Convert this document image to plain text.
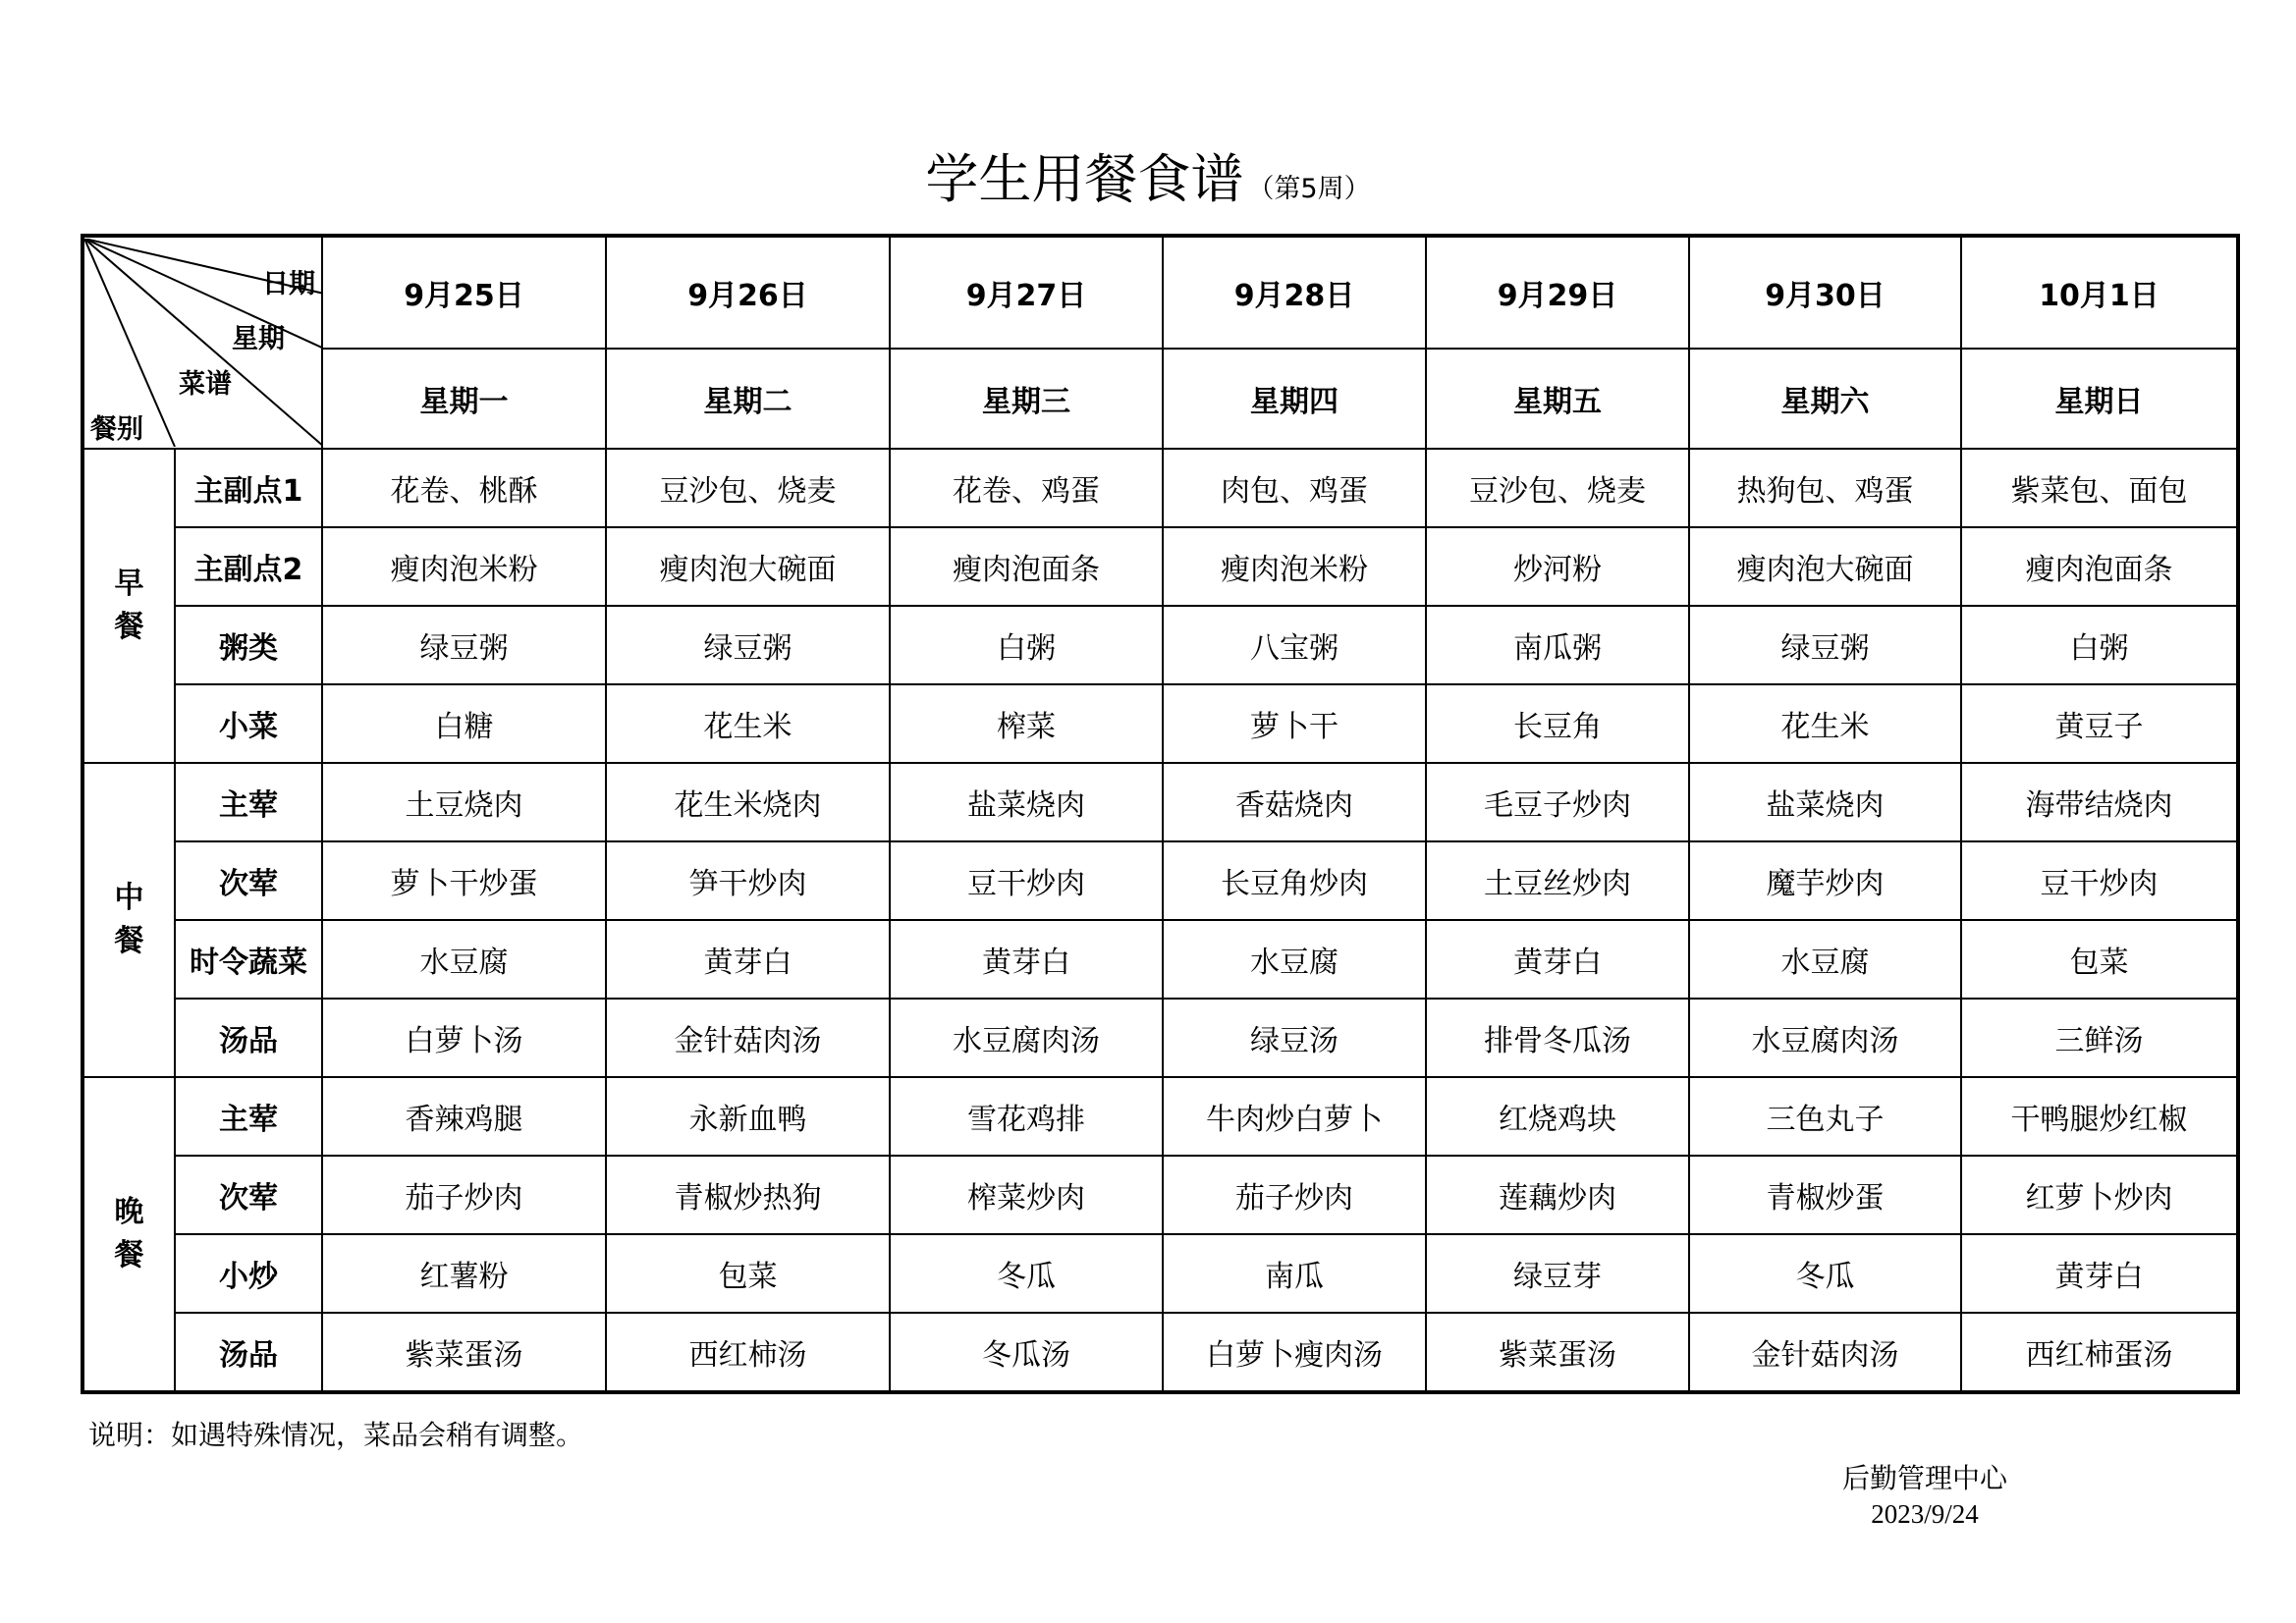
学生用餐食谱 （第5周）
日期
星期
菜谱
餐别		9月25日	9月26日	9月27日	9月28日	9月29日	9月30日	10月1日
		星期一	星期二	星期三	星期四	星期五	星期六	星期日

早
餐	主副点1	花卷、桃酥	豆沙包、烧麦	花卷、鸡蛋	肉包、鸡蛋	豆沙包、烧麦	热狗包、鸡蛋	紫菜包、面包
	主副点2	瘦肉泡米粉	瘦肉泡大碗面	瘦肉泡面条	瘦肉泡米粉	炒河粉	瘦肉泡大碗面	瘦肉泡面条
	粥类	绿豆粥	绿豆粥	白粥	八宝粥	南瓜粥	绿豆粥	白粥
	小菜	白糖	花生米	榨菜	萝卜干	长豆角	花生米	黄豆子

中
餐	主荤	土豆烧肉	花生米烧肉	盐菜烧肉	香菇烧肉	毛豆子炒肉	盐菜烧肉	海带结烧肉
	次荤	萝卜干炒蛋	笋干炒肉	豆干炒肉	长豆角炒肉	土豆丝炒肉	魔芋炒肉	豆干炒肉
	时令蔬菜	水豆腐	黄芽白	黄芽白	水豆腐	黄芽白	水豆腐	包菜
	汤品	白萝卜汤	金针菇肉汤	水豆腐肉汤	绿豆汤	排骨冬瓜汤	水豆腐肉汤	三鲜汤

晚
餐	主荤	香辣鸡腿	永新血鸭	雪花鸡排	牛肉炒白萝卜	红烧鸡块	三色丸子	干鸭腿炒红椒
	次荤	茄子炒肉	青椒炒热狗	榨菜炒肉	茄子炒肉	莲藕炒肉	青椒炒蛋	红萝卜炒肉
	小炒	红薯粉	包菜	冬瓜	南瓜	绿豆芽	冬瓜	黄芽白
	汤品	紫菜蛋汤	西红柿汤	冬瓜汤	白萝卜瘦肉汤	紫菜蛋汤	金针菇肉汤	西红柿蛋汤
说明：如遇特殊情况，菜品会稍有调整。
后勤管理中心
2023/9/24
